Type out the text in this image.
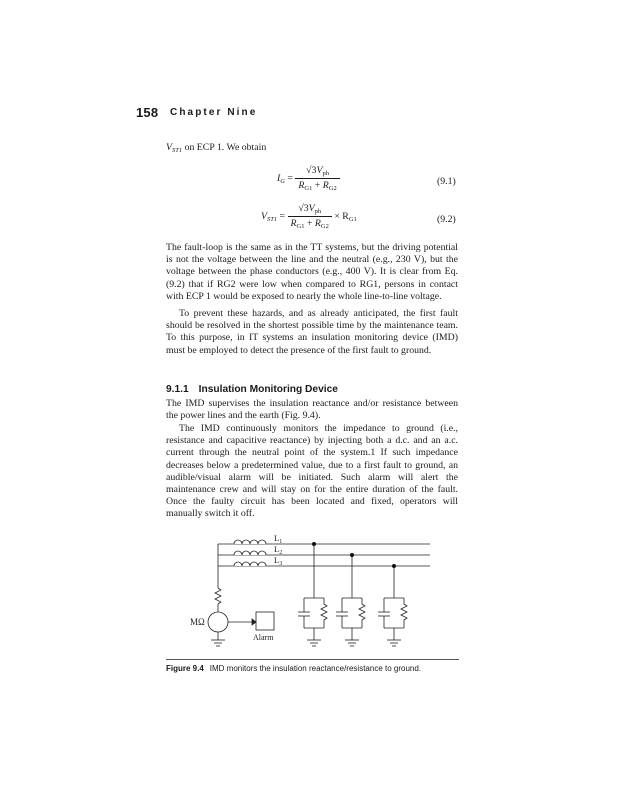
158 Chapter Nine
$V_{ST1}$ on ECP 1. We obtain
$I_G = \frac{√3V_{ph}}{R_{G1} + R_{G2}}$	(9.1)
$V_{ST1} = \frac{√3V_{ph}}{R_{G1} + R_{G2}} \times R_{G1}$	(9.2)
The fault-loop is the same as in the TT systems, but the driving potential is not the voltage between the line and the neutral (e.g., 230 V), but the voltage between the phase conductors (e.g., 400 V). It is clear from Eq. (9.2) that if RG2 were low when compared to RG1, persons in contact with ECP 1 would be exposed to nearly the whole line-to-line voltage.
To prevent these hazards, and as already anticipated, the first fault should be resolved in the shortest possible time by the maintenance team. To this purpose, in IT systems an insulation monitoring device (IMD) must be employed to detect the presence of the first fault to ground.
9.1.1 Insulation Monitoring Device
The IMD supervises the insulation reactance and/or resistance between the power lines and the earth (Fig. 9.4).
The IMD continuously monitors the impedance to ground (i.e., resistance and capacitive reactance) by injecting both a d.c. and an a.c. current through the neutral point of the system.1 If such impedance decreases below a predetermined value, due to a first fault to ground, an audible/visual alarm will be initiated. Such alarm will alert the maintenance crew and will stay on for the entire duration of the fault. Once the faulty circuit has been located and fixed, operators will manually switch it off.
$L_1$
$L_2$
$L_3$
MΩ
Alarm
Figure 9.4 IMD monitors the insulation reactance/resistance to ground.
